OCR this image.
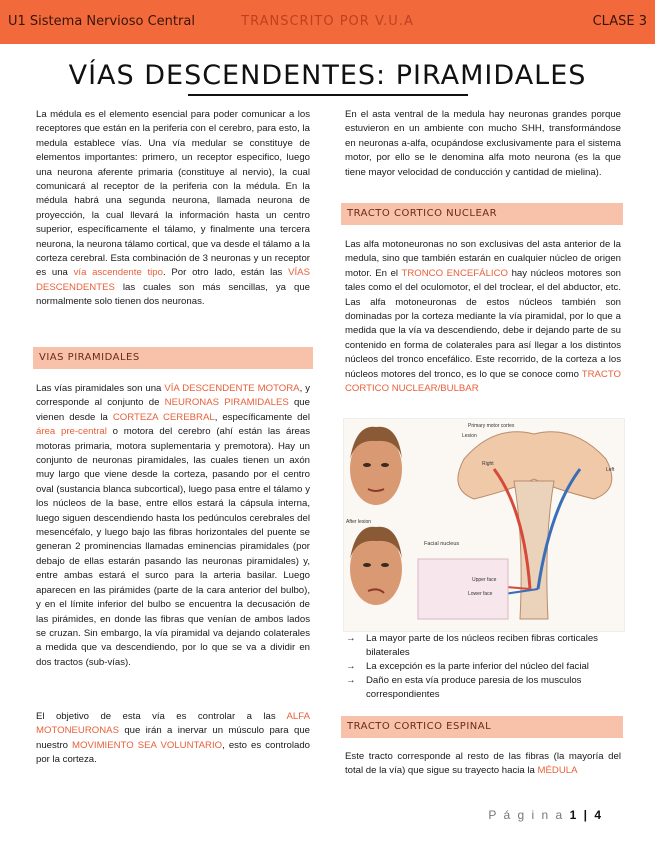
U1 Sistema Nervioso Central	TRANSCRITO POR V.U.A	CLASE 3
VÍAS DESCENDENTES: PIRAMIDALES

La médula es el elemento esencial para poder comunicar a los receptores que están en la periferia con el cerebro, para esto, la medula establece vías. Una vía medular se constituye de elementos importantes: primero, un receptor especifico, luego una neurona aferente primaria (constituye al nervio), la cual comunicará al receptor de la periferia con la médula. En la médula habrá una segunda neurona, llamada neurona de proyección, la cual llevará la información hasta un centro superior, específicamente el tálamo, y finalmente una tercera neurona, la neurona tálamo cortical, que va desde el tálamo a la corteza cerebral. Esta combinación de 3 neuronas y un receptor es una vía ascendente tipo. Por otro lado, están las VÍAS DESCENDENTES las cuales son más sencillas, ya que normalmente solo tienen dos neuronas.

VIAS PIRAMIDALES

Las vías piramidales son una VÍA DESCENDENTE MOTORA, y corresponde al conjunto de NEURONAS PIRAMIDALES que vienen desde la CORTEZA CEREBRAL, específicamente del área pre-central o motora del cerebro (ahí están las áreas motoras primaria, motora suplementaria y premotora). Hay un conjunto de neuronas piramidales, las cuales tienen un axón muy largo que viene desde la corteza, pasando por el centro oval (sustancia blanca subcortical), luego pasa entre el tálamo y los núcleos de la base, entre ellos estará la cápsula interna, luego siguen descendiendo hasta los pedúnculos cerebrales del mesencéfalo, y luego bajo las fibras horizontales del puente se generan 2 prominencias llamadas eminencias piramidales (por debajo de ellas estarán pasando las neuronas piramidales) y, entre ambas estará el surco para la arteria basilar. Luego aparecen en las pirámides (parte de la cara anterior del bulbo), y en el límite inferior del bulbo se encuentra la decusación de las pirámides, en donde las fibras que venían de ambos lados se cruzan. Sin embargo, la vía piramidal va dejando colaterales a medida que va descendiendo, por lo que se va a dividir en dos tractos (sub-vías).

El objetivo de esta vía es controlar a las ALFA MOTONEURONAS que irán a inervar un músculo para que nuestro MOVIMIENTO SEA VOLUNTARIO, esto es controlado por la corteza.

En el asta ventral de la medula hay neuronas grandes porque estuvieron en un ambiente con mucho SHH, transformándose en neuronas a-alfa, ocupándose exclusivamente para el sistema motor, por ello se le denomina alfa moto neurona (es la que tiene mayor velocidad de conducción y cantidad de mielina).

TRACTO CORTICO NUCLEAR

Las alfa motoneuronas no son exclusivas del asta anterior de la medula, sino que también estarán en cualquier núcleo de origen motor. En el TRONCO ENCEFÁLICO hay núcleos motores son tales como el del oculomotor, el del troclear, el del abductor, etc. Las alfa motoneuronas de estos núcleos también son dominadas por la corteza mediante la vía piramidal, por lo que a medida que la vía va descendiendo, debe ir dejando parte de su contenido en forma de colaterales para así llegar a los distintos núcleos del tronco encefálico. Este recorrido, de la corteza a los núcleos motores del tronco, es lo que se conoce como TRACTO CORTICO NUCLEAR/BULBAR

Facial nucleus
Primary motor cortex
Lesion
Right
Left
After lesion
Upper face
Lower face
→ La mayor parte de los núcleos reciben fibras corticales bilaterales
→ La excepción es la parte inferior del núcleo del facial
→ Daño en esta vía produce paresia de los musculos correspondientes
TRACTO CORTICO ESPINAL

Este tracto corresponde al resto de las fibras (la mayoría del total de la vía) que sigue su trayecto hacia la MÉDULA

P á g i n a 1 | 4
